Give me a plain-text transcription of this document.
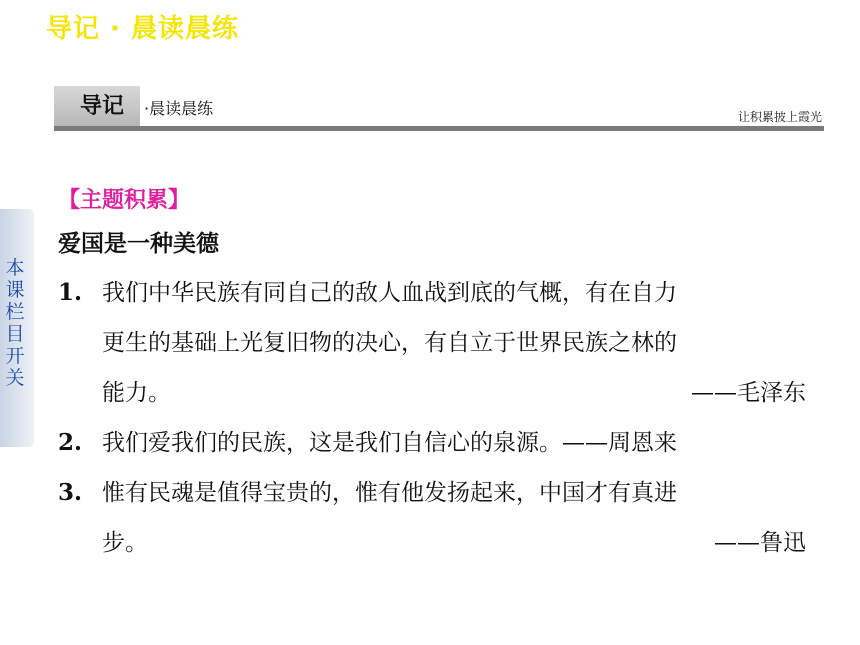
导记 · 晨读晨练
导记	·晨读晨练	让积累披上霞光
本课栏目开关
【主题积累】
爱国是一种美德
1. 我们中华民族有同自己的敌人血战到底的气概，有在自力
更生的基础上光复旧物的决心，有自立于世界民族之林的
能力。	——毛泽东
2. 我们爱我们的民族，这是我们自信心的泉源。——周恩来
3. 惟有民魂是值得宝贵的，惟有他发扬起来，中国才有真进
步。	——鲁迅
